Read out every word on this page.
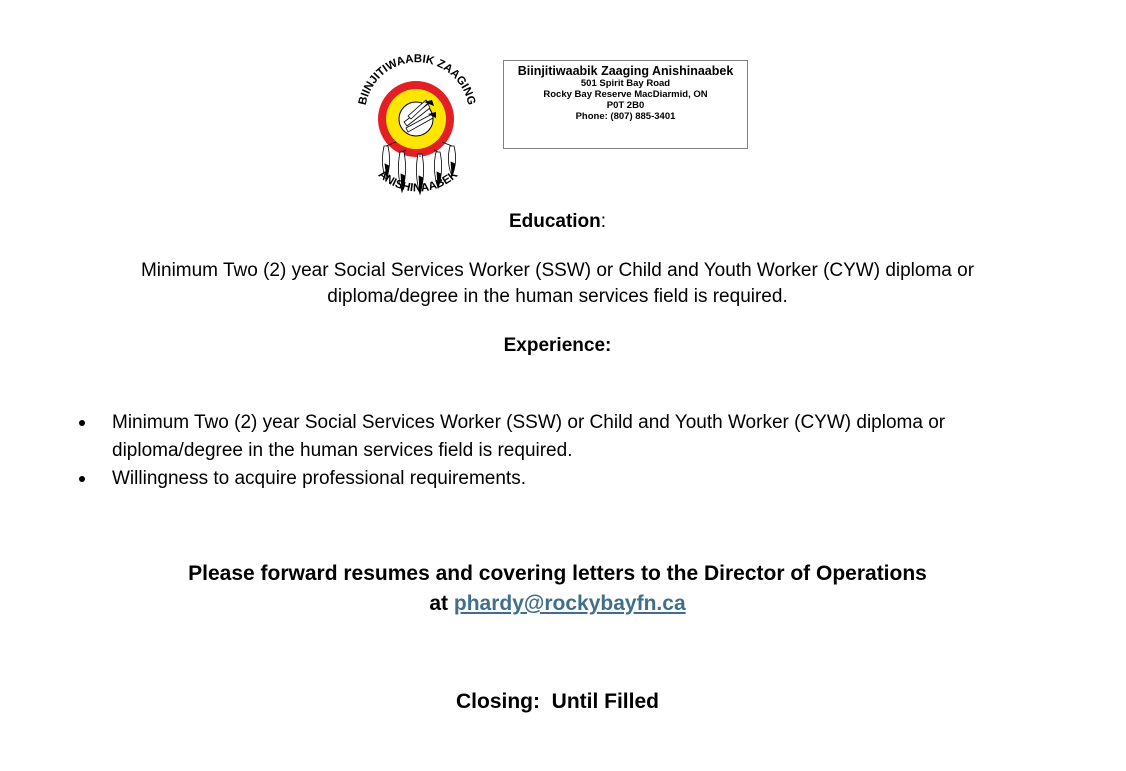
BIINJITIWAABIK ZAAGING
ANISHINAABEK
Biinjitiwaabik Zaaging Anishinaabek
501 Spirit Bay Road
Rocky Bay Reserve MacDiarmid, ON
P0T 2B0
Phone: (807) 885-3401
Education:
Minimum Two (2) year Social Services Worker (SSW) or Child and Youth Worker (CYW) diploma or
diploma/degree in the human services field is required.
Experience:
Minimum Two (2) year Social Services Worker (SSW) or Child and Youth Worker (CYW) diploma or
diploma/degree in the human services field is required.
Willingness to acquire professional requirements.
Please forward resumes and covering letters to the Director of Operations
at phardy@rockybayfn.ca
Closing:  Until Filled
